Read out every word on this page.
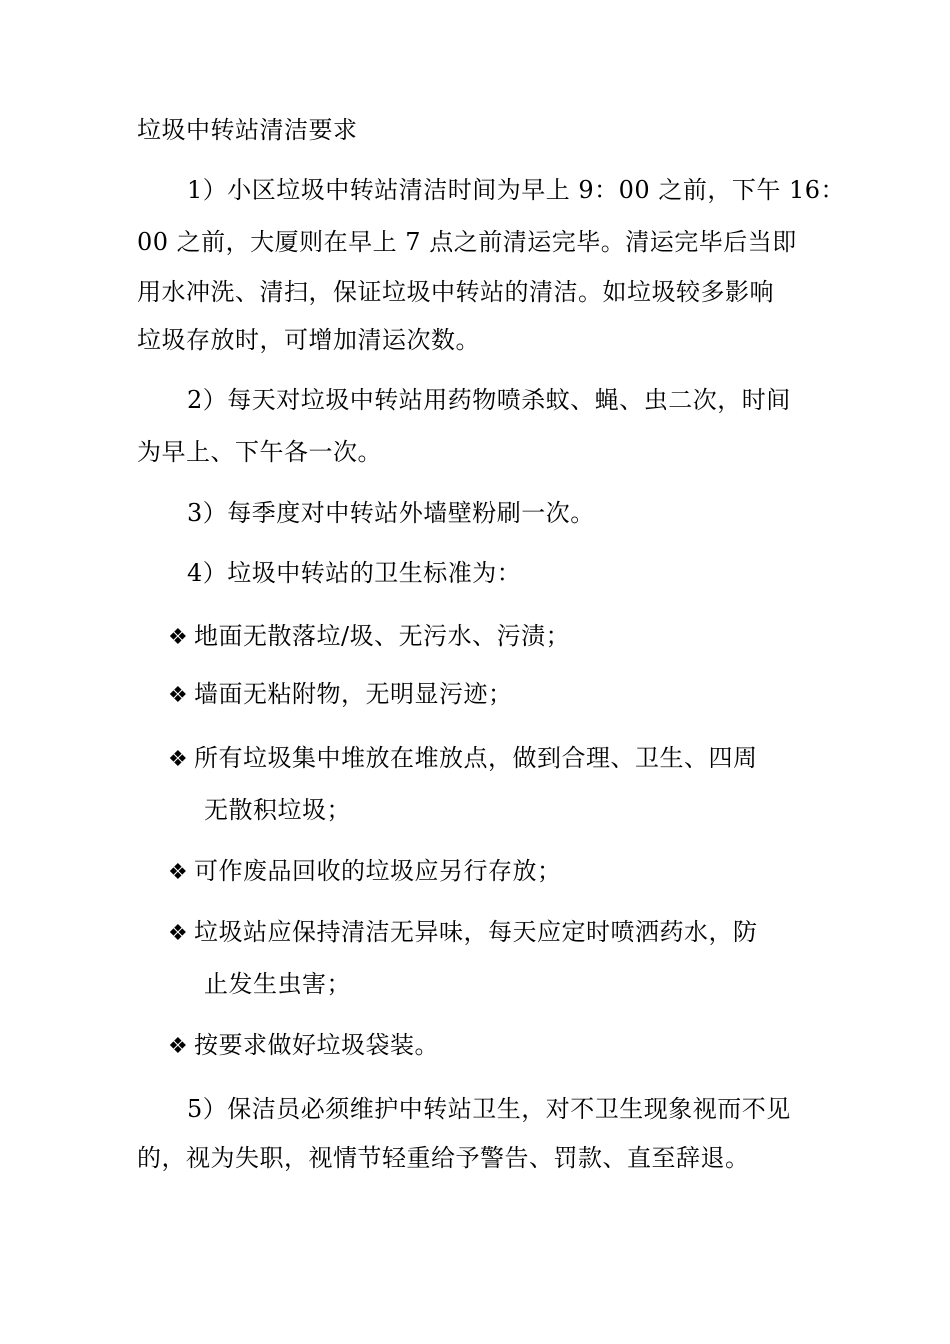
垃圾中转站清洁要求
1）小区垃圾中转站清洁时间为早上 9：00 之前，下午 16：
00 之前，大厦则在早上 7 点之前清运完毕。清运完毕后当即
用水冲洗、清扫，保证垃圾中转站的清洁。如垃圾较多影响
垃圾存放时，可增加清运次数。
2）每天对垃圾中转站用药物喷杀蚊、蝇、虫二次，时间
为早上、下午各一次。
3）每季度对中转站外墙壁粉刷一次。
4）垃圾中转站的卫生标准为：
❖ 地面无散落垃/圾、无污水、污渍；
❖ 墙面无粘附物，无明显污迹；
❖ 所有垃圾集中堆放在堆放点，做到合理、卫生、四周
无散积垃圾；
❖ 可作废品回收的垃圾应另行存放；
❖ 垃圾站应保持清洁无异味，每天应定时喷洒药水，防
止发生虫害；
❖ 按要求做好垃圾袋装。
5）保洁员必须维护中转站卫生，对不卫生现象视而不见
的，视为失职，视情节轻重给予警告、罚款、直至辞退。
